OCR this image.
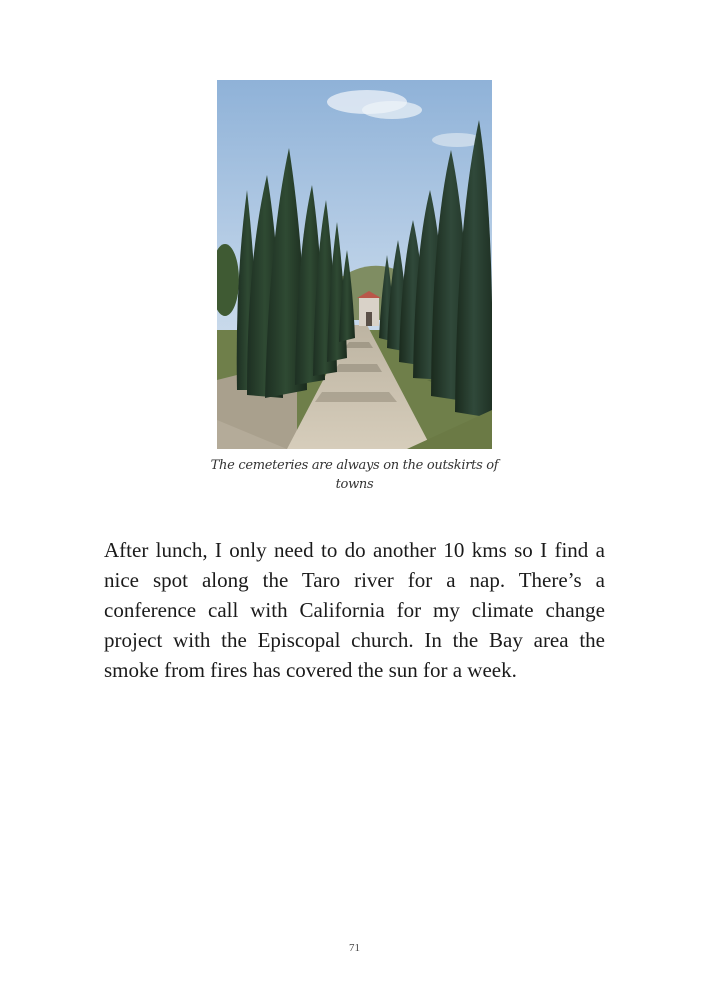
The cemeteries are always on the outskirts of towns

After lunch, I only need to do another 10 kms so I find a nice spot along the Taro river for a nap. There’s a conference call with California for my climate change project with the Episcopal church. In the Bay area the smoke from fires has covered the sun for a week.

71
